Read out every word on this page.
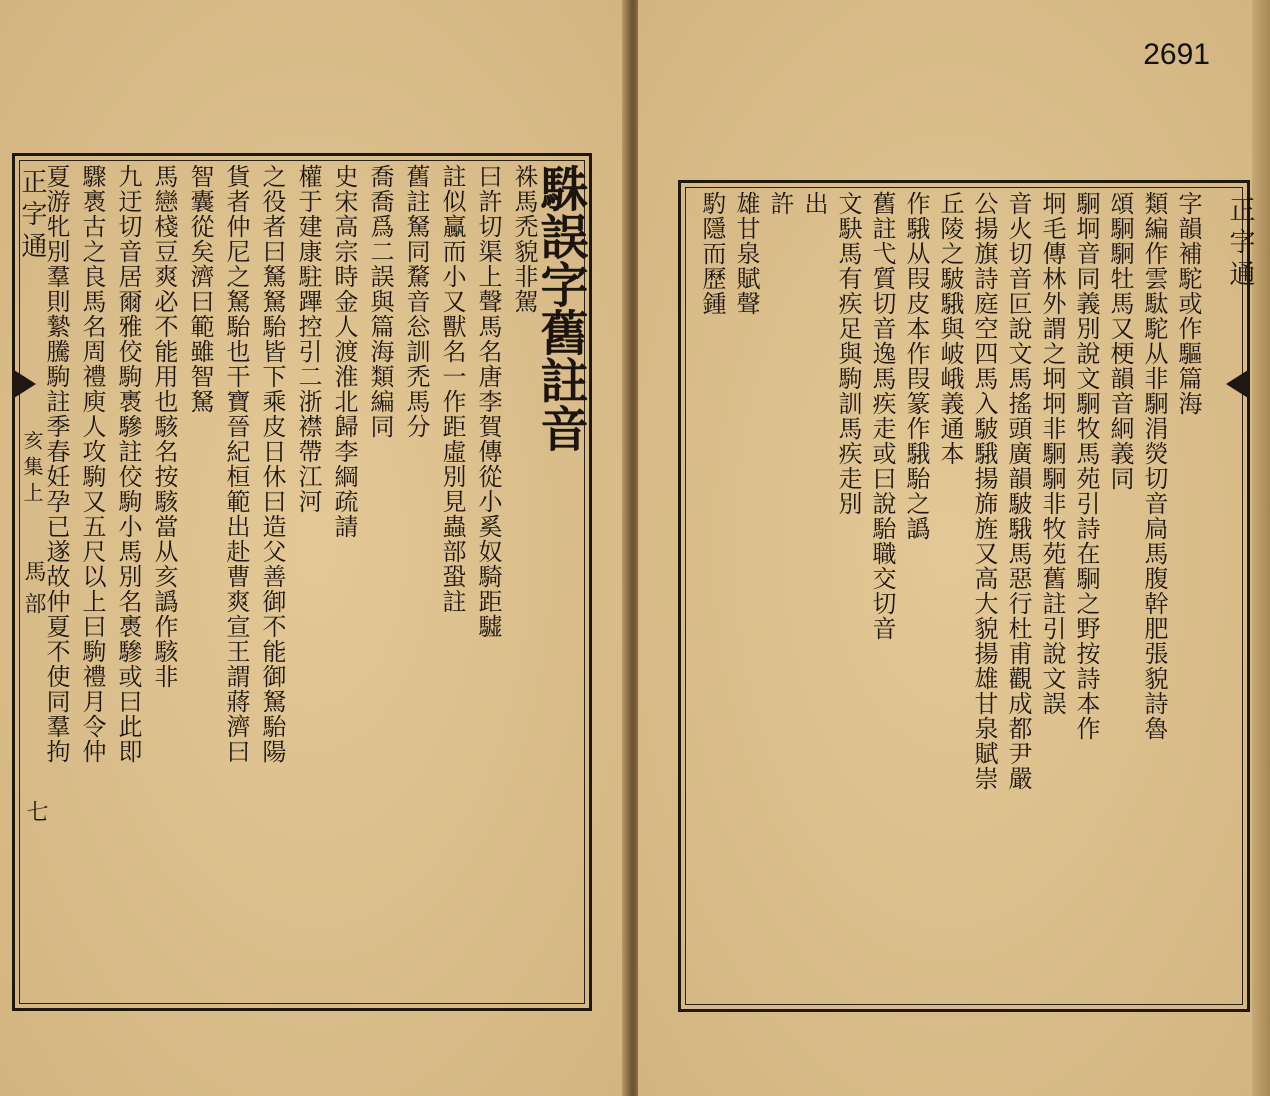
駯誤字舊註音
袾馬禿貌非駕
曰許切渠上聲馬名唐李賀傳從小奚奴騎距驉
註似驘而小又獸名一作距虛別見蟲部蛩註
舊註駑同騖音忩訓禿馬分
喬喬爲二誤與篇海類編同
史宋高宗時金人渡淮北歸李綱疏請
權于建康駐蹕控引二浙襟帶江河
之役者曰駑駑駘皆下乘皮日休曰造父善御不能御駑駘陽
貨者仲尼之駑駘也干寶晉紀桓範出赴曹爽宣王謂蔣濟曰
智囊從矣濟曰範雖智駑
馬戀棧豆爽必不能用也駭名按駭當从亥譌作駭非
九迂切音居爾雅佼駒褭驂註佼駒小馬別名褭驂或曰此即
驟褭古之良馬名周禮庾人攻駒又五尺以上曰駒禮月令仲
夏游牝別羣則縶騰駒註季春妊孕已遂故仲夏不使同羣拘
正字通
亥集上
馬部
七
2691
字韻補駝或作驅篇海
類編作雲駄駝从非駉涓熒切音扃馬腹幹肥張貌詩魯
頌駉駉牡馬又梗韻音絅義同
駉坰音同義別說文駉牧馬苑引詩在駉之野按詩本作
坰毛傳林外謂之坰坰非駉駉非牧苑舊註引說文誤
音火切音叵說文馬搖頭廣韻駊騀馬惡行杜甫觀成都尹嚴
公揚旗詩庭空四馬入駊騀揚旆旌又高大貌揚雄甘泉賦崇
丘陵之駊騀與岥峨義通本
作騀从叚皮本作叚篆作騀駘之譌
舊註弋質切音逸馬疾走或曰說駘職交切音
文駃馬有疾足與駒訓馬疾走別
出
許
雄甘泉賦聲
馰隱而歷鍾	正字通
